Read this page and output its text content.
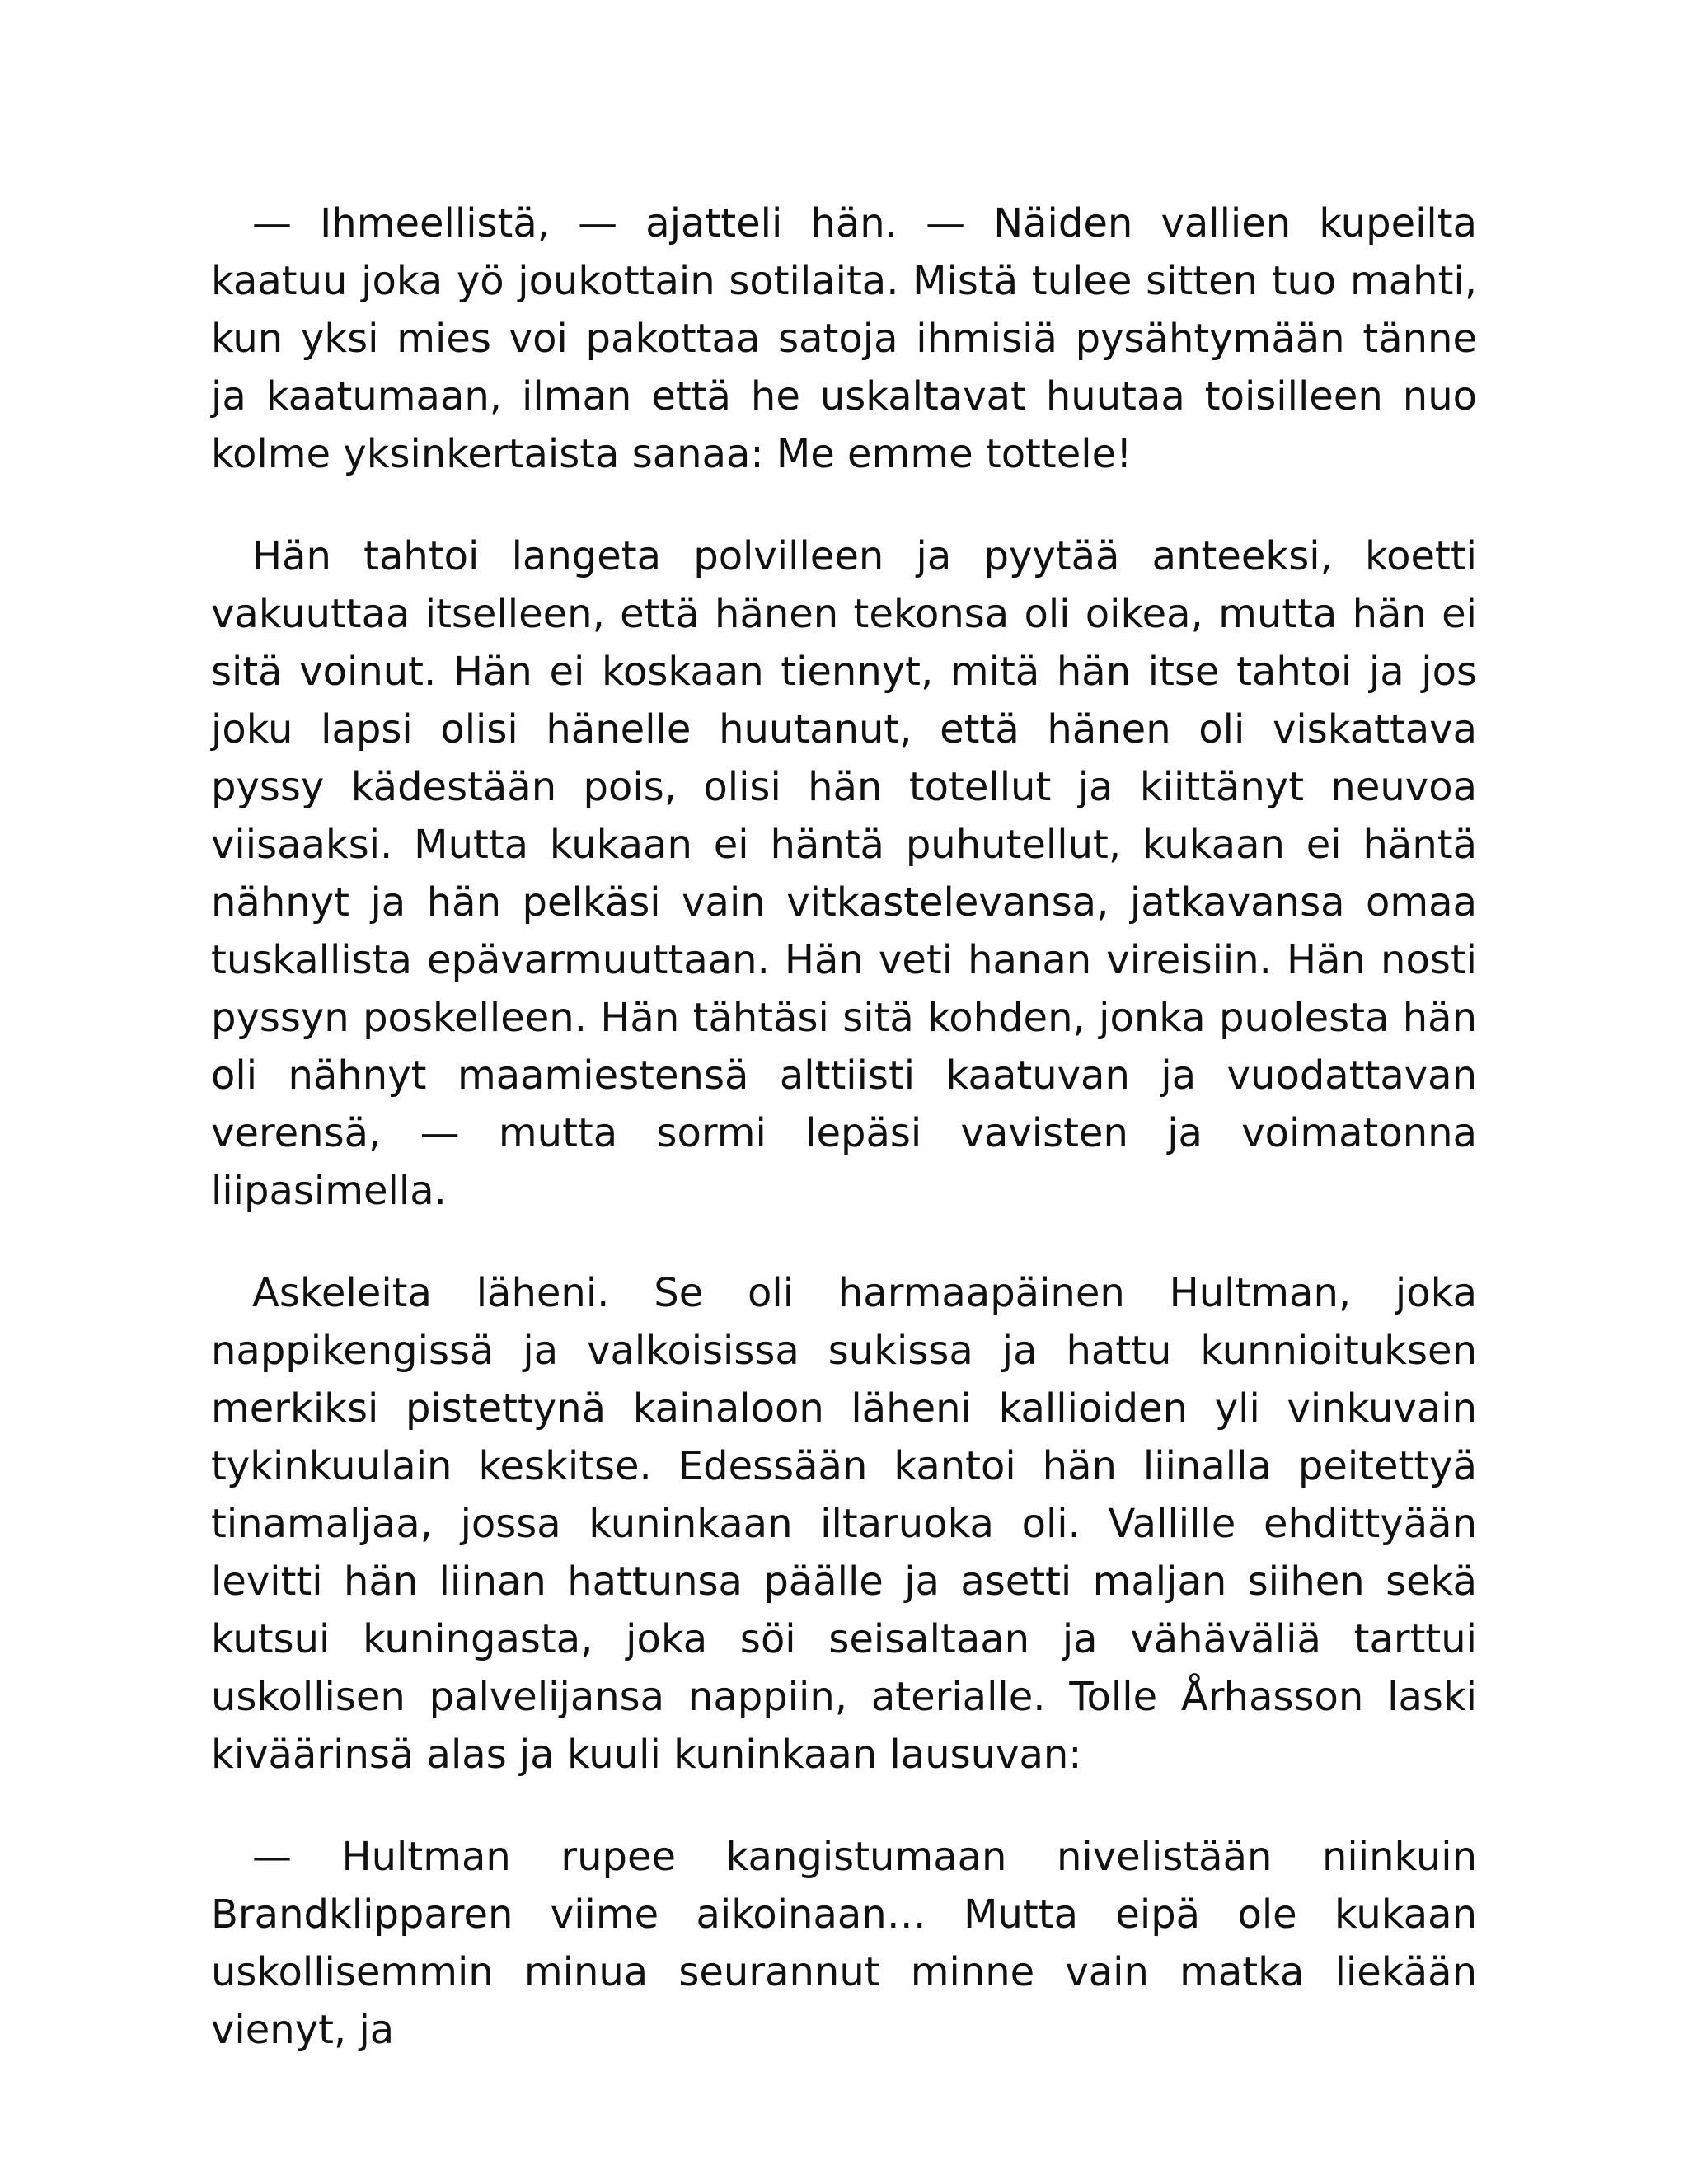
— Ihmeellistä, — ajatteli hän. — Näiden vallien kupeilta kaatuu joka yö joukottain sotilaita. Mistä tulee sitten tuo mahti, kun yksi mies voi pakottaa satoja ihmisiä pysähtymään tänne ja kaatumaan, ilman että he uskaltavat huutaa toisilleen nuo kolme yksinkertaista sanaa: Me emme tottele!

Hän tahtoi langeta polvilleen ja pyytää anteeksi, koetti vakuuttaa itselleen, että hänen tekonsa oli oikea, mutta hän ei sitä voinut. Hän ei koskaan tiennyt, mitä hän itse tahtoi ja jos joku lapsi olisi hänelle huutanut, että hänen oli viskattava pyssy kädestään pois, olisi hän totellut ja kiittänyt neuvoa viisaaksi. Mutta kukaan ei häntä puhutellut, kukaan ei häntä nähnyt ja hän pelkäsi vain vitkastelevansa, jatkavansa omaa tuskallista epävarmuuttaan. Hän veti hanan vireisiin. Hän nosti pyssyn poskelleen. Hän tähtäsi sitä kohden, jonka puolesta hän oli nähnyt maamiestensä alttiisti kaatuvan ja vuodattavan verensä, — mutta sormi lepäsi vavisten ja voimatonna liipasimella.

Askeleita läheni. Se oli harmaapäinen Hultman, joka nappikengissä ja valkoisissa sukissa ja hattu kunnioituksen merkiksi pistettynä kainaloon läheni kallioiden yli vinkuvain tykinkuulain keskitse. Edessään kantoi hän liinalla peitettyä tinamaljaa, jossa kuninkaan iltaruoka oli. Vallille ehdittyään levitti hän liinan hattunsa päälle ja asetti maljan siihen sekä kutsui kuningasta, joka söi seisaltaan ja vähäväliä tarttui uskollisen palvelijansa nappiin, aterialle. Tolle Århasson laski kiväärinsä alas ja kuuli kuninkaan lausuvan:

— Hultman rupee kangistumaan nivelistään niinkuin Brandklipparen viime aikoinaan… Mutta eipä ole kukaan uskollisemmin minua seurannut minne vain matka liekään vienyt, ja
